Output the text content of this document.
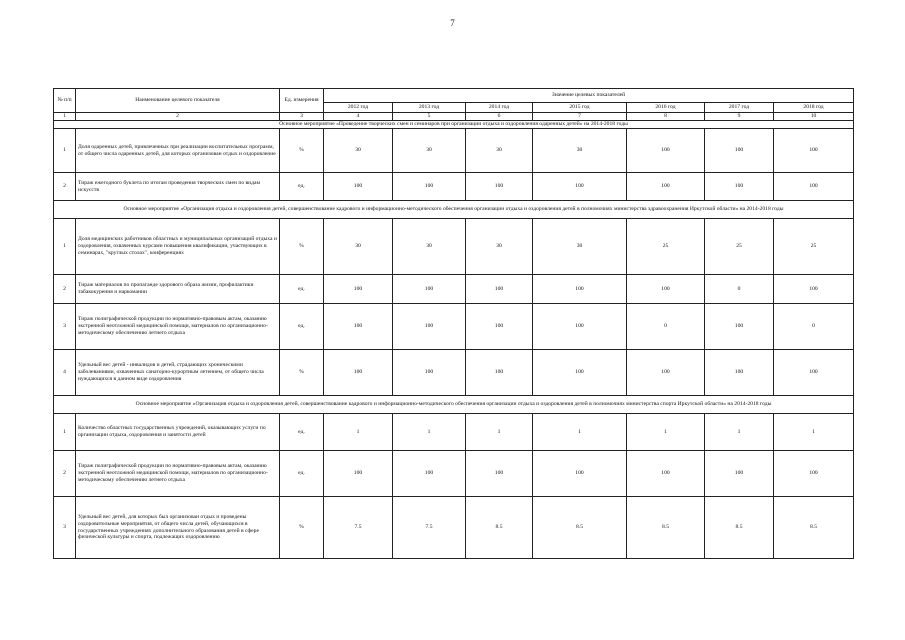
7
№ п/п	Наименование целевого показателя	Ед. измерения	Значение целевых показателей						
			2012 год	2013 год	2014 год	2015 год	2016 год	2017 год	2018 год
1	2	3	4	5	6	7	8	9	10
Основное мероприятие «Проведение творческих смен и семинаров при организации отдыха и оздоровления одаренных детей» на 2014-2018 годы									
1	Доля одаренных детей, привлеченных при реализации воспитательных программ, от общего числа одаренных детей, для которых организован отдых и оздоровление	%	30	30	30	30	100	100	100
2	Тираж ежегодного буклета по итогам проведения творческих смен по видам искусств	ед.	100	100	100	100	100	100	100
Основное мероприятие «Организация отдыха и оздоровления детей, совершенствование кадрового и информационно-методического обеспечения организации отдыха и оздоровления детей в полномочиях министерства здравоохранения Иркутской области» на 2014-2018 годы									
1	Доля медицинских работников областных и муниципальных организаций отдыха и оздоровления, охваченных курсами повышения квалификации, участвующих в семинарах, "круглых столах", конференциях	%	30	30	30	30	25	25	25
2	Тираж материалов по пропаганде здорового образа жизни, профилактики табакокурения и наркомании	ед.	100	100	100	100	100	0	100
3	Тираж полиграфической продукции по нормативно-правовым актам, оказанию экстренной неотложной медицинской помощи, материалов по организационно-методическому обеспечению летнего отдыха	ед.	100	100	100	100	0	100	0
4	Удельный вес детей - инвалидов и детей, страдающих хроническими заболеваниями, охваченных санаторно-курортным летением, от общего числа нуждающихся в данном виде оздоровления	%	100	100	100	100	100	100	100
Основное мероприятие «Организация отдыха и оздоровления детей, совершенствование кадрового и информационно-методического обеспечения организации отдыха и оздоровления детей в полномочиях министерства спорта Иркутской области» на 2014-2018 годы									
1	Количество областных государственных учреждений, оказывающих услуги по организации отдыха, оздоровления и занятости детей	ед.	1	1	1	1	1	1	1
2	Тираж полиграфической продукции по нормативно-правовым актам, оказанию экстренной неотложной медицинской помощи, материалов по организационно-методическому обеспечению летнего отдыха	ед.	100	100	100	100	100	100	100
3	Удельный вес детей, для которых был организован отдых и проведены оздоровительные мероприятия, от общего числа детей, обучающихся в государственных учреждениях дополнительного образования детей в сфере физической культуры и спорта, подлежащих оздоровлению	%	7.5	7.5	8.5	8.5	8.5	8.5	8.5
